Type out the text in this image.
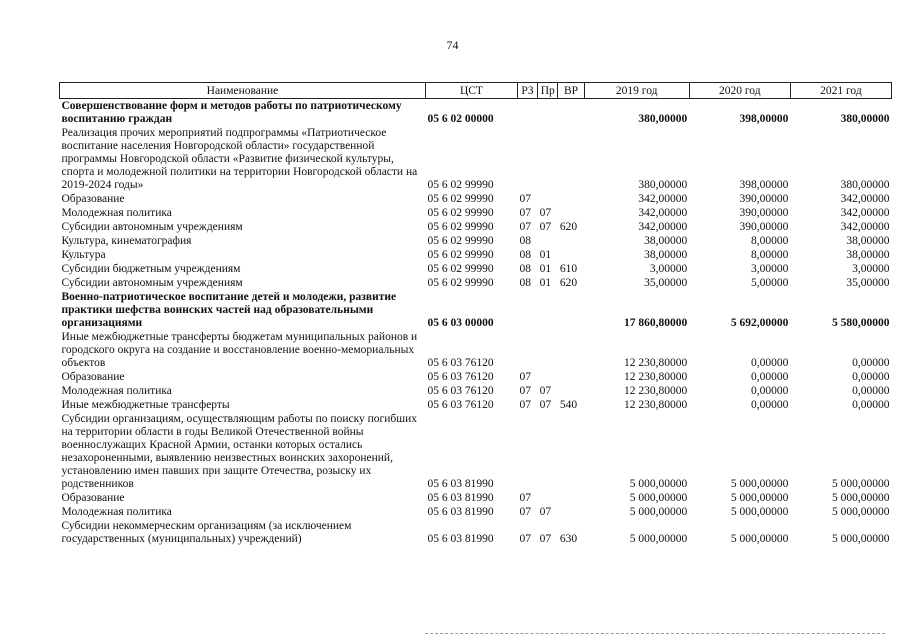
74
Наименование	ЦСТ	РЗ	Пр	ВР	2019 год	2020 год	2021 год
Совершенствование форм и методов работы по патриотическому воспитанию граждан	05 6 02 00000				380,00000	398,00000	380,00000
Реализация прочих мероприятий подпрограммы «Патриотическое воспитание населения Новгородской области» государственной программы Новгородской области «Развитие физической культуры, спорта и молодежной политики на территории Новгородской области на 2019-2024 годы»	05 6 02 99990				380,00000	398,00000	380,00000
Образование	05 6 02 99990	07			342,00000	390,00000	342,00000
Молодежная политика	05 6 02 99990	07	07		342,00000	390,00000	342,00000
Субсидии автономным учреждениям	05 6 02 99990	07	07	620	342,00000	390,00000	342,00000
Культура, кинематография	05 6 02 99990	08			38,00000	8,00000	38,00000
Культура	05 6 02 99990	08	01		38,00000	8,00000	38,00000
Субсидии бюджетным учреждениям	05 6 02 99990	08	01	610	3,00000	3,00000	3,00000
Субсидии автономным учреждениям	05 6 02 99990	08	01	620	35,00000	5,00000	35,00000
Военно-патриотическое воспитание детей и молодежи, развитие практики шефства воинских частей над образовательными организациями	05 6 03 00000				17 860,80000	5 692,00000	5 580,00000
Иные межбюджетные трансферты бюджетам муниципальных районов и городского округа на создание и восстановление военно-мемориальных объектов	05 6 03 76120				12 230,80000	0,00000	0,00000
Образование	05 6 03 76120	07			12 230,80000	0,00000	0,00000
Молодежная политика	05 6 03 76120	07	07		12 230,80000	0,00000	0,00000
Иные межбюджетные трансферты	05 6 03 76120	07	07	540	12 230,80000	0,00000	0,00000
Субсидии организациям, осуществляющим работы по поиску погибших на территории области в годы Великой Отечественной войны военнослужащих Красной Армии, останки которых остались незахороненными, выявлению неизвестных воинских захоронений, установлению имен павших при защите Отечества, розыску их родственников	05 6 03 81990				5 000,00000	5 000,00000	5 000,00000
Образование	05 6 03 81990	07			5 000,00000	5 000,00000	5 000,00000
Молодежная политика	05 6 03 81990	07	07		5 000,00000	5 000,00000	5 000,00000
Субсидии некоммерческим организациям (за исключением государственных (муниципальных) учреждений)	05 6 03 81990	07	07	630	5 000,00000	5 000,00000	5 000,00000
